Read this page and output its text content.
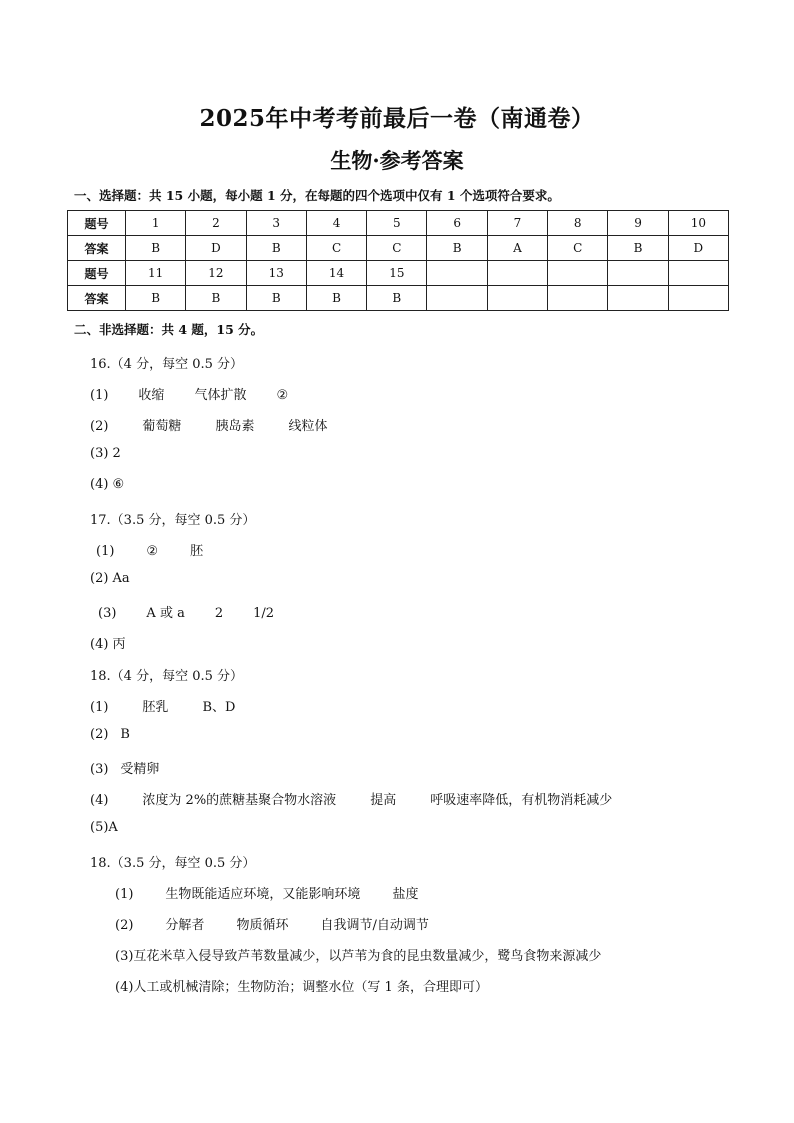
2025年中考考前最后一卷（南通卷）
生物·参考答案
一、选择题：共 15 小题，每小题 1 分，在每题的四个选项中仅有 1 个选项符合要求。
题号	1	2	3	4	5	6	7	8	9	10
答案	B	D	B	C	C	B	A	C	B	D
题号	11	12	13	14	15					
答案	B	B	B	B	B					
二、非选择题：共 4 题，15 分。
16.（4 分，每空 0.5 分）
(1) 收缩 气体扩散 ②
(2)	葡萄糖	胰岛素	线粒体
(3) 2
(4) ⑥
17.（3.5 分，每空 0.5 分）
(1) ② 胚
(2) Aa
(3) A 或 a 2 1/2
(4) 丙
18.（4 分，每空 0.5 分）
(1)	胚乳	B、D
(2) B
(3) 受精卵
(4)	浓度为 2%的蔗糖基聚合物水溶液	提高	呼吸速率降低，有机物消耗减少
(5)A
18.（3.5 分，每空 0.5 分）
(1) 生物既能适应环境，又能影响环境 盐度
(2) 分解者 物质循环 自我调节/自动调节
(3)互花米草入侵导致芦苇数量减少，以芦苇为食的昆虫数量减少，鹭鸟食物来源减少
(4)人工或机械清除；生物防治；调整水位（写 1 条，合理即可）
